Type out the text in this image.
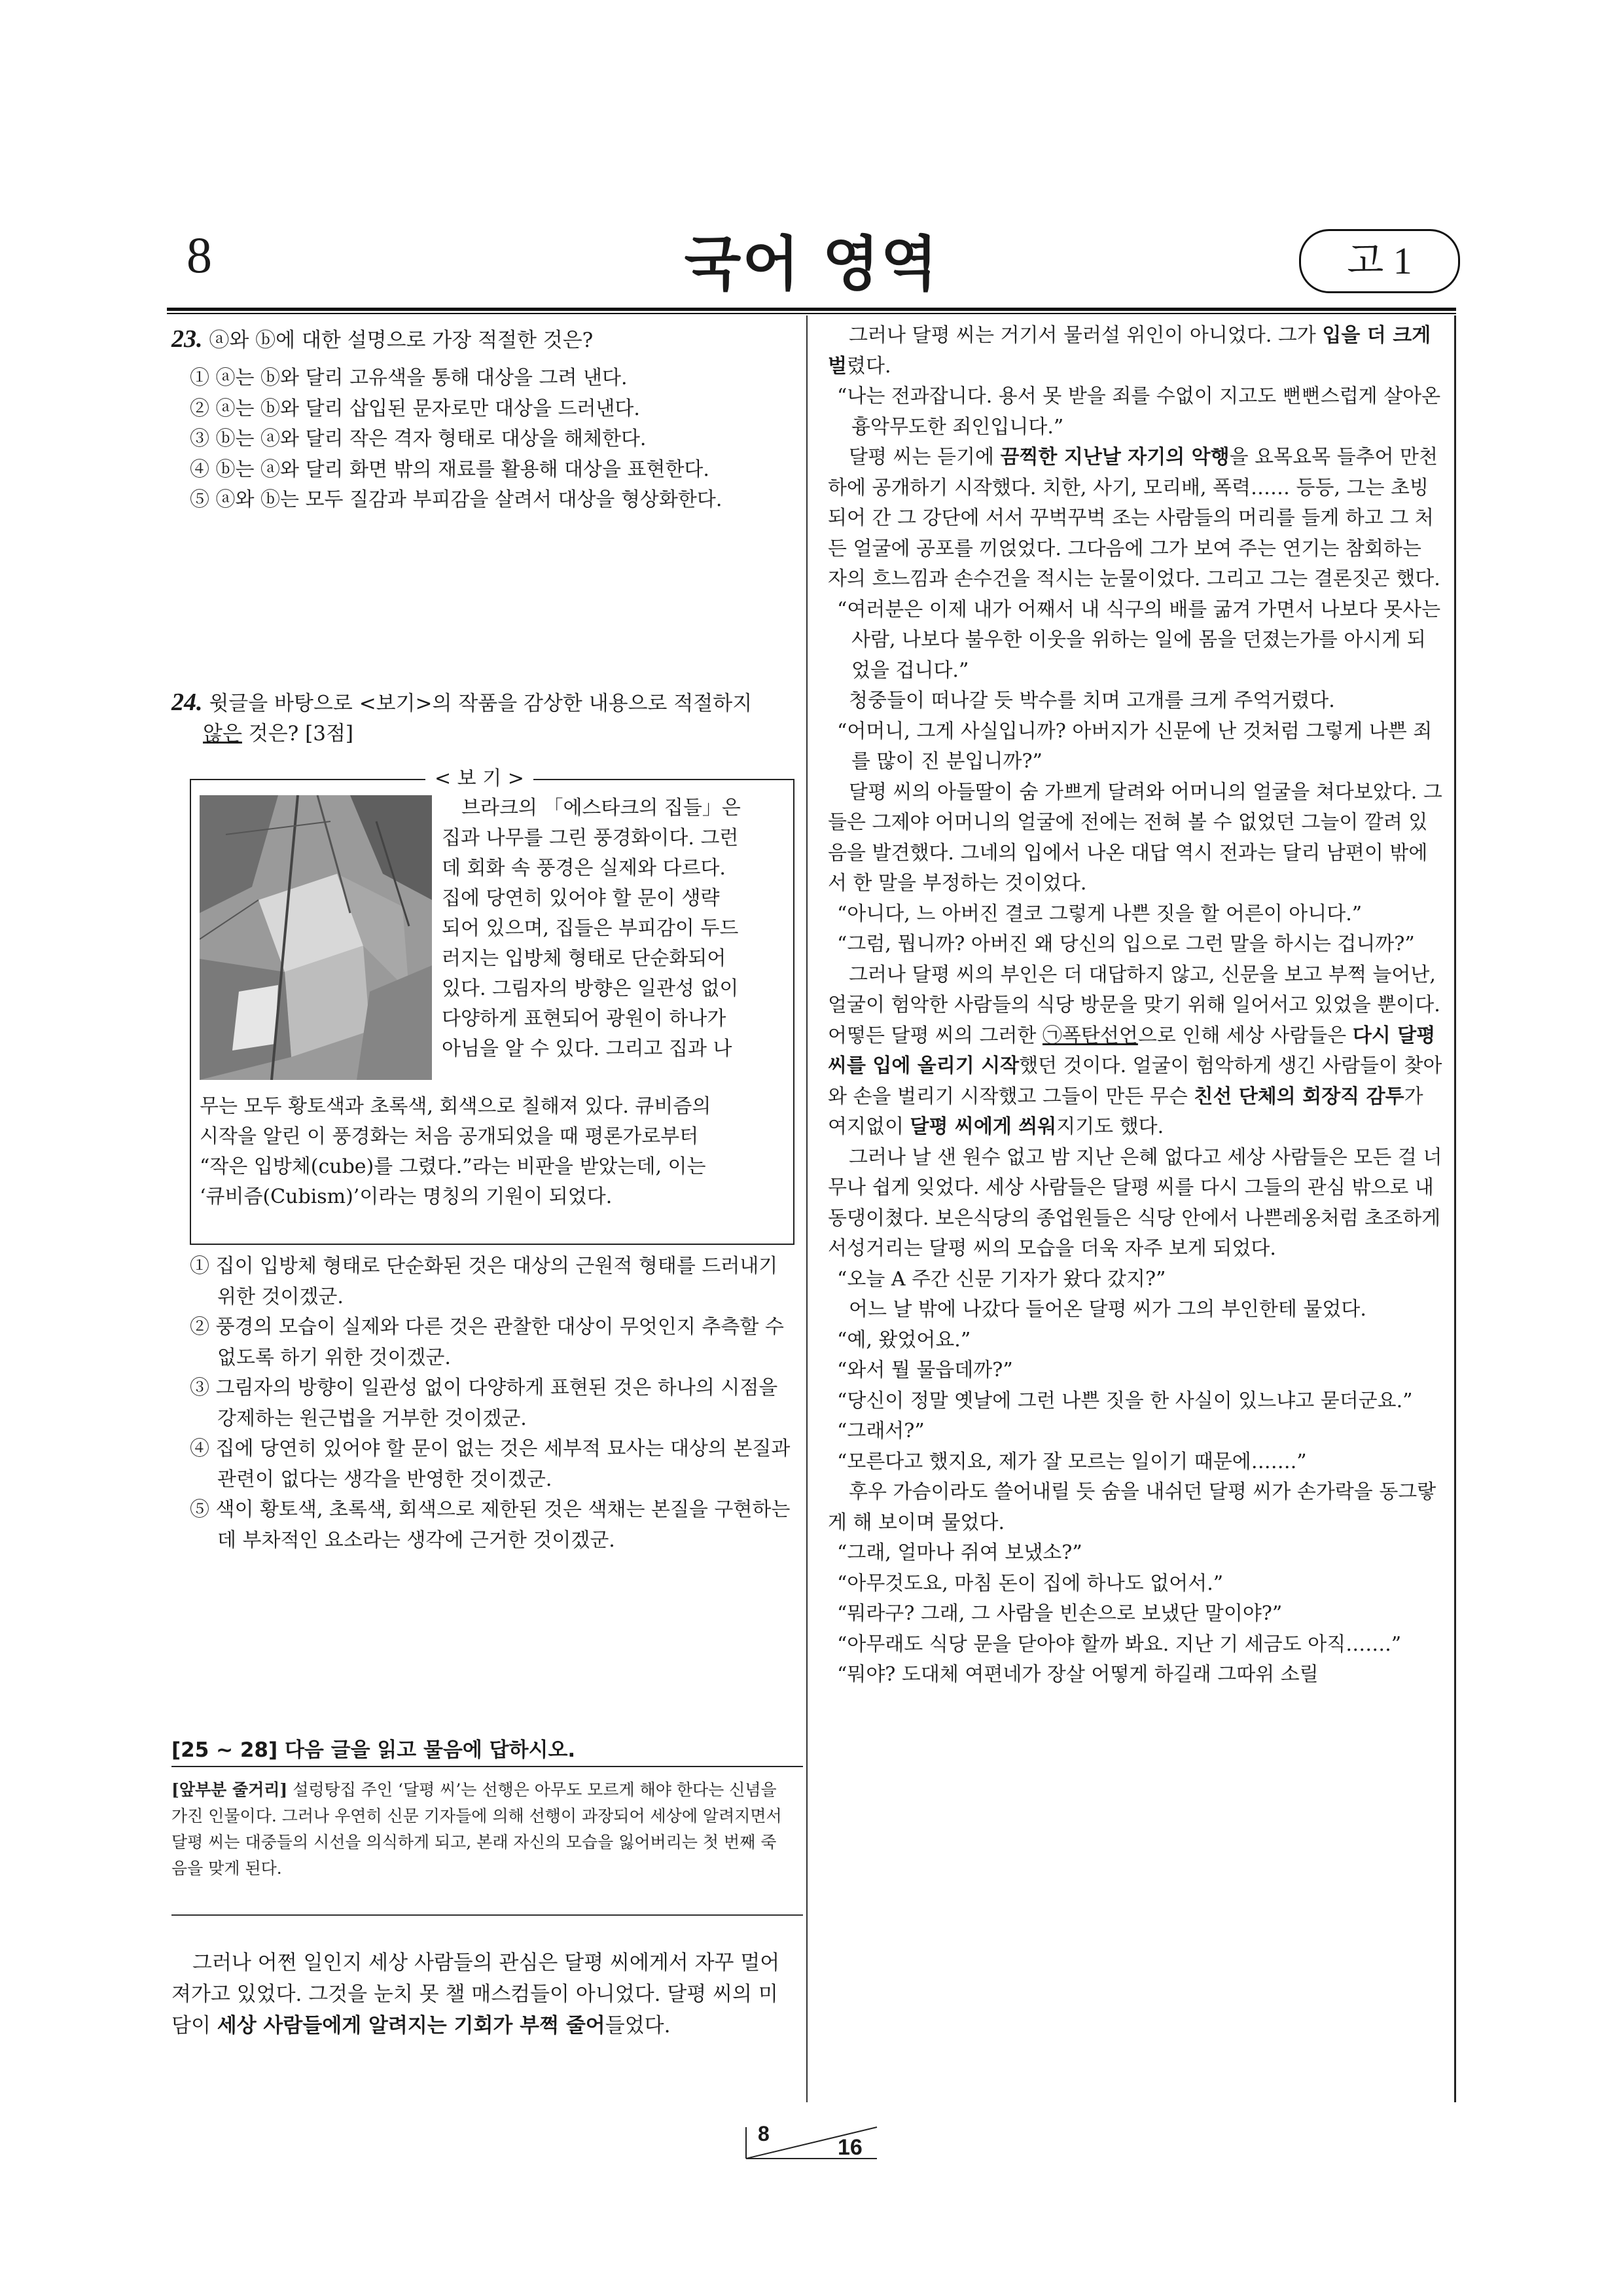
8	국어 영역	고 1

23. ⓐ와 ⓑ에 대한 설명으로 가장 적절한 것은?

① ⓐ는 ⓑ와 달리 고유색을 통해 대상을 그려 낸다.

② ⓐ는 ⓑ와 달리 삽입된 문자로만 대상을 드러낸다.

③ ⓑ는 ⓐ와 달리 작은 격자 형태로 대상을 해체한다.

④ ⓑ는 ⓐ와 달리 화면 밖의 재료를 활용해 대상을 표현한다.

⑤ ⓐ와 ⓑ는 모두 질감과 부피감을 살려서 대상을 형상화한다.

24. 윗글을 바탕으로 <보기>의 작품을 감상한 내용으로 적절하지

않은 것은? [3점]

< 보 기 >

브라크의 「에스타크의 집들」은

집과 나무를 그린 풍경화이다. 그런

데 회화 속 풍경은 실제와 다르다.

집에 당연히 있어야 할 문이 생략

되어 있으며, 집들은 부피감이 두드

러지는 입방체 형태로 단순화되어

있다. 그림자의 방향은 일관성 없이

다양하게 표현되어 광원이 하나가

아님을 알 수 있다. 그리고 집과 나

무는 모두 황토색과 초록색, 회색으로 칠해져 있다. 큐비즘의

시작을 알린 이 풍경화는 처음 공개되었을 때 평론가로부터

“작은 입방체(cube)를 그렸다.”라는 비판을 받았는데, 이는

‘큐비즘(Cubism)’이라는 명칭의 기원이 되었다.

① 집이 입방체 형태로 단순화된 것은 대상의 근원적 형태를 드러내기 위한 것이겠군.

② 풍경의 모습이 실제와 다른 것은 관찰한 대상이 무엇인지 추측할 수 없도록 하기 위한 것이겠군.

③ 그림자의 방향이 일관성 없이 다양하게 표현된 것은 하나의 시점을 강제하는 원근법을 거부한 것이겠군.

④ 집에 당연히 있어야 할 문이 없는 것은 세부적 묘사는 대상의 본질과 관련이 없다는 생각을 반영한 것이겠군.

⑤ 색이 황토색, 초록색, 회색으로 제한된 것은 색채는 본질을 구현하는 데 부차적인 요소라는 생각에 근거한 것이겠군.

[25 ~ 28] 다음 글을 읽고 물음에 답하시오.
[앞부분 줄거리] 설렁탕집 주인 ‘달평 씨’는 선행은 아무도 모르게 해야 한다는 신념을 가진 인물이다. 그러나 우연히 신문 기자들에 의해 선행이 과장되어 세상에 알려지면서 달평 씨는 대중들의 시선을 의식하게 되고, 본래 자신의 모습을 잃어버리는 첫 번째 죽음을 맞게 된다.

그러나 어쩐 일인지 세상 사람들의 관심은 달평 씨에게서 자꾸 멀어져가고 있었다. 그것을 눈치 못 챌 매스컴들이 아니었다. 달평 씨의 미담이 세상 사람들에게 알려지는 기회가 부쩍 줄어들었다.

그러나 달평 씨는 거기서 물러설 위인이 아니었다. 그가 입을 더 크게 벌렸다.

“나는 전과잡니다. 용서 못 받을 죄를 수없이 지고도 뻔뻔스럽게 살아온 흉악무도한 죄인입니다.”

달평 씨는 듣기에 끔찍한 지난날 자기의 악행을 요목요목 들추어 만천하에 공개하기 시작했다. 치한, 사기, 모리배, 폭력…… 등등, 그는 초빙되어 간 그 강단에 서서 꾸벅꾸벅 조는 사람들의 머리를 들게 하고 그 처든 얼굴에 공포를 끼얹었다. 그다음에 그가 보여 주는 연기는 참회하는 자의 흐느낌과 손수건을 적시는 눈물이었다. 그리고 그는 결론짓곤 했다.

“여러분은 이제 내가 어째서 내 식구의 배를 굶겨 가면서 나보다 못사는 사람, 나보다 불우한 이웃을 위하는 일에 몸을 던졌는가를 아시게 되었을 겁니다.”

청중들이 떠나갈 듯 박수를 치며 고개를 크게 주억거렸다.

“어머니, 그게 사실입니까? 아버지가 신문에 난 것처럼 그렇게 나쁜 죄를 많이 진 분입니까?”

달평 씨의 아들딸이 숨 가쁘게 달려와 어머니의 얼굴을 쳐다보았다. 그들은 그제야 어머니의 얼굴에 전에는 전혀 볼 수 없었던 그늘이 깔려 있음을 발견했다. 그네의 입에서 나온 대답 역시 전과는 달리 남편이 밖에서 한 말을 부정하는 것이었다.

“아니다, 느 아버진 결코 그렇게 나쁜 짓을 할 어른이 아니다.”

“그럼, 뭡니까? 아버진 왜 당신의 입으로 그런 말을 하시는 겁니까?”

그러나 달평 씨의 부인은 더 대답하지 않고, 신문을 보고 부쩍 늘어난, 얼굴이 험악한 사람들의 식당 방문을 맞기 위해 일어서고 있었을 뿐이다. 어떻든 달평 씨의 그러한 ㉠폭탄선언으로 인해 세상 사람들은 다시 달평 씨를 입에 올리기 시작했던 것이다. 얼굴이 험악하게 생긴 사람들이 찾아와 손을 벌리기 시작했고 그들이 만든 무슨 친선 단체의 회장직 감투가 여지없이 달평 씨에게 씌워지기도 했다.

그러나 날 샌 원수 없고 밤 지난 은혜 없다고 세상 사람들은 모든 걸 너무나 쉽게 잊었다. 세상 사람들은 달평 씨를 다시 그들의 관심 밖으로 내동댕이쳤다. 보은식당의 종업원들은 식당 안에서 나쁜레옹처럼 초조하게 서성거리는 달평 씨의 모습을 더욱 자주 보게 되었다.

“오늘 A 주간 신문 기자가 왔다 갔지?”

어느 날 밖에 나갔다 들어온 달평 씨가 그의 부인한테 물었다.

“예, 왔었어요.”

“와서 뭘 물읍데까?”

“당신이 정말 옛날에 그런 나쁜 짓을 한 사실이 있느냐고 묻더군요.”

“그래서?”

“모른다고 했지요, 제가 잘 모르는 일이기 때문에…….”

후우 가슴이라도 쓸어내릴 듯 숨을 내쉬던 달평 씨가 손가락을 동그랗게 해 보이며 물었다.

“그래, 얼마나 쥐여 보냈소?”

“아무것도요, 마침 돈이 집에 하나도 없어서.”

“뭐라구? 그래, 그 사람을 빈손으로 보냈단 말이야?”

“아무래도 식당 문을 닫아야 할까 봐요. 지난 기 세금도 아직…….”

“뭐야? 도대체 여편네가 장살 어떻게 하길래 그따위 소릴

8
16
